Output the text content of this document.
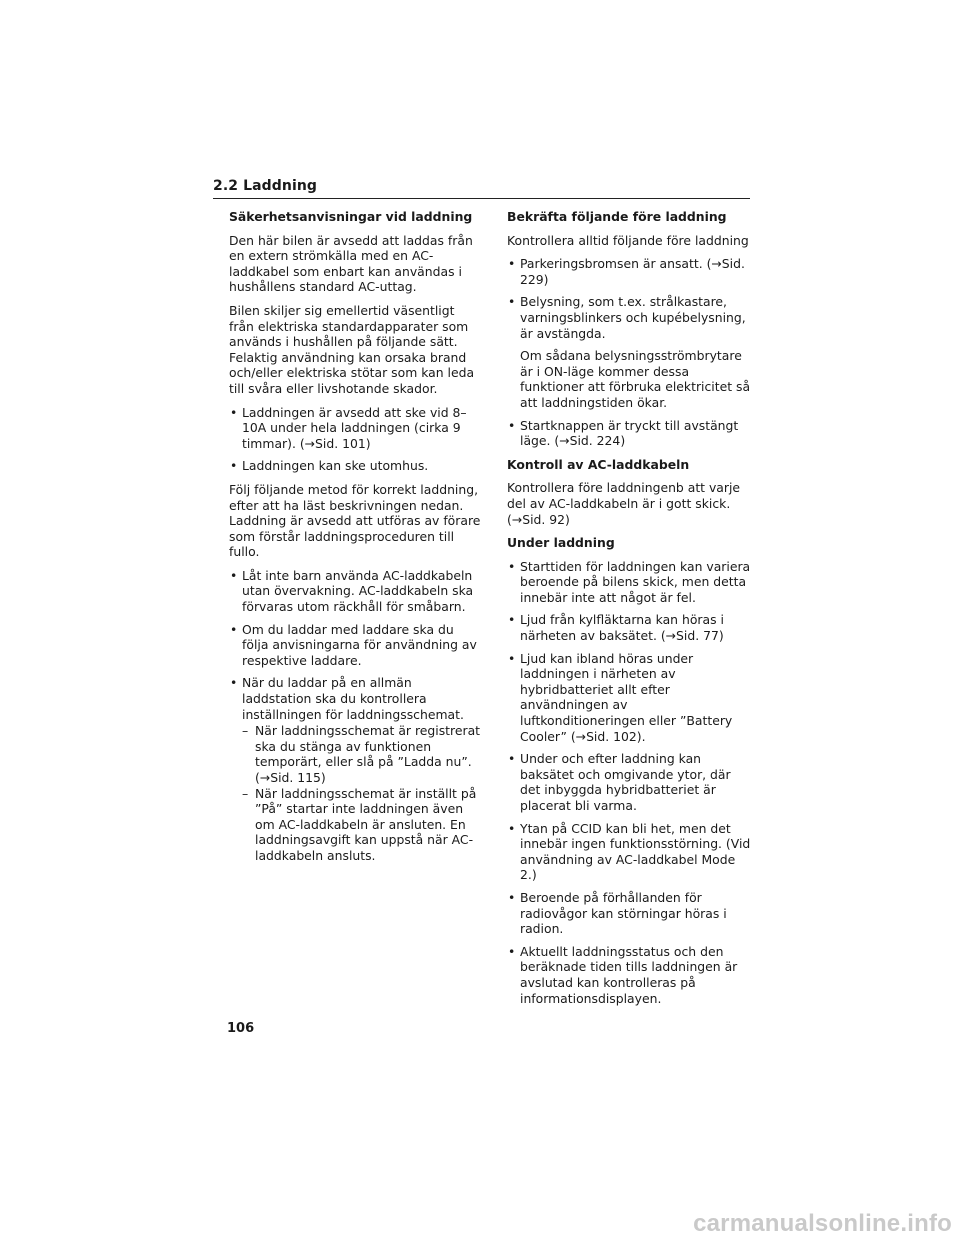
2.2 Laddning
Säkerhetsanvisningar vid laddning

Den här bilen är avsedd att laddas från en extern strömkälla med en AC-laddkabel som enbart kan användas i hushållens standard AC-uttag.

Bilen skiljer sig emellertid väsentligt från elektriska standardapparater som används i hushållen på följande sätt. Felaktig användning kan orsaka brand och/eller elektriska stötar som kan leda till svåra eller livshotande skador.

• Laddningen är avsedd att ske vid 8–10A under hela laddningen (cirka 9 timmar). (→Sid. 101)
• Laddningen kan ske utomhus.

Följ följande metod för korrekt laddning, efter att ha läst beskrivningen nedan. Laddning är avsedd att utföras av förare som förstår laddningsproceduren till fullo.

• Låt inte barn använda AC-laddkabeln utan övervakning. AC-laddkabeln ska förvaras utom räckhåll för småbarn.
• Om du laddar med laddare ska du följa anvisningarna för användning av respektive laddare.
• När du laddar på en allmän laddstation ska du kontrollera inställningen för laddningsschemat.
– När laddningsschemat är registrerat ska du stänga av funktionen temporärt, eller slå på ”Ladda nu”. (→Sid. 115)
– När laddningsschemat är inställt på ”På” startar inte laddningen även om AC-laddkabeln är ansluten. En laddningsavgift kan uppstå när AC-laddkabeln ansluts.
Bekräfta följande före laddning

Kontrollera alltid följande före laddning

• Parkeringsbromsen är ansatt. (→Sid. 229)
• Belysning, som t.ex. strålkastare, varningsblinkers och kupébelysning, är avstängda.
Om sådana belysningsströmbrytare är i ON-läge kommer dessa funktioner att förbruka elektricitet så att laddningstiden ökar.
• Startknappen är tryckt till avstängt läge. (→Sid. 224)
Kontroll av AC-laddkabeln

Kontrollera före laddningenb att varje del av AC-laddkabeln är i gott skick. (→Sid. 92)

Under laddning
• Starttiden för laddningen kan variera beroende på bilens skick, men detta innebär inte att något är fel.
• Ljud från kylfläktarna kan höras i närheten av baksätet. (→Sid. 77)
• Ljud kan ibland höras under laddningen i närheten av hybridbatteriet allt efter användningen av luftkonditioneringen eller ”Battery Cooler” (→Sid. 102).
• Under och efter laddning kan baksätet och omgivande ytor, där det inbyggda hybridbatteriet är placerat bli varma.
• Ytan på CCID kan bli het, men det innebär ingen funktionsstörning. (Vid användning av AC-laddkabel Mode 2.)
• Beroende på förhållanden för radiovågor kan störningar höras i radion.
• Aktuellt laddningsstatus och den beräknade tiden tills laddningen är avslutad kan kontrolleras på informationsdisplayen.
106
carmanualsonline.info
